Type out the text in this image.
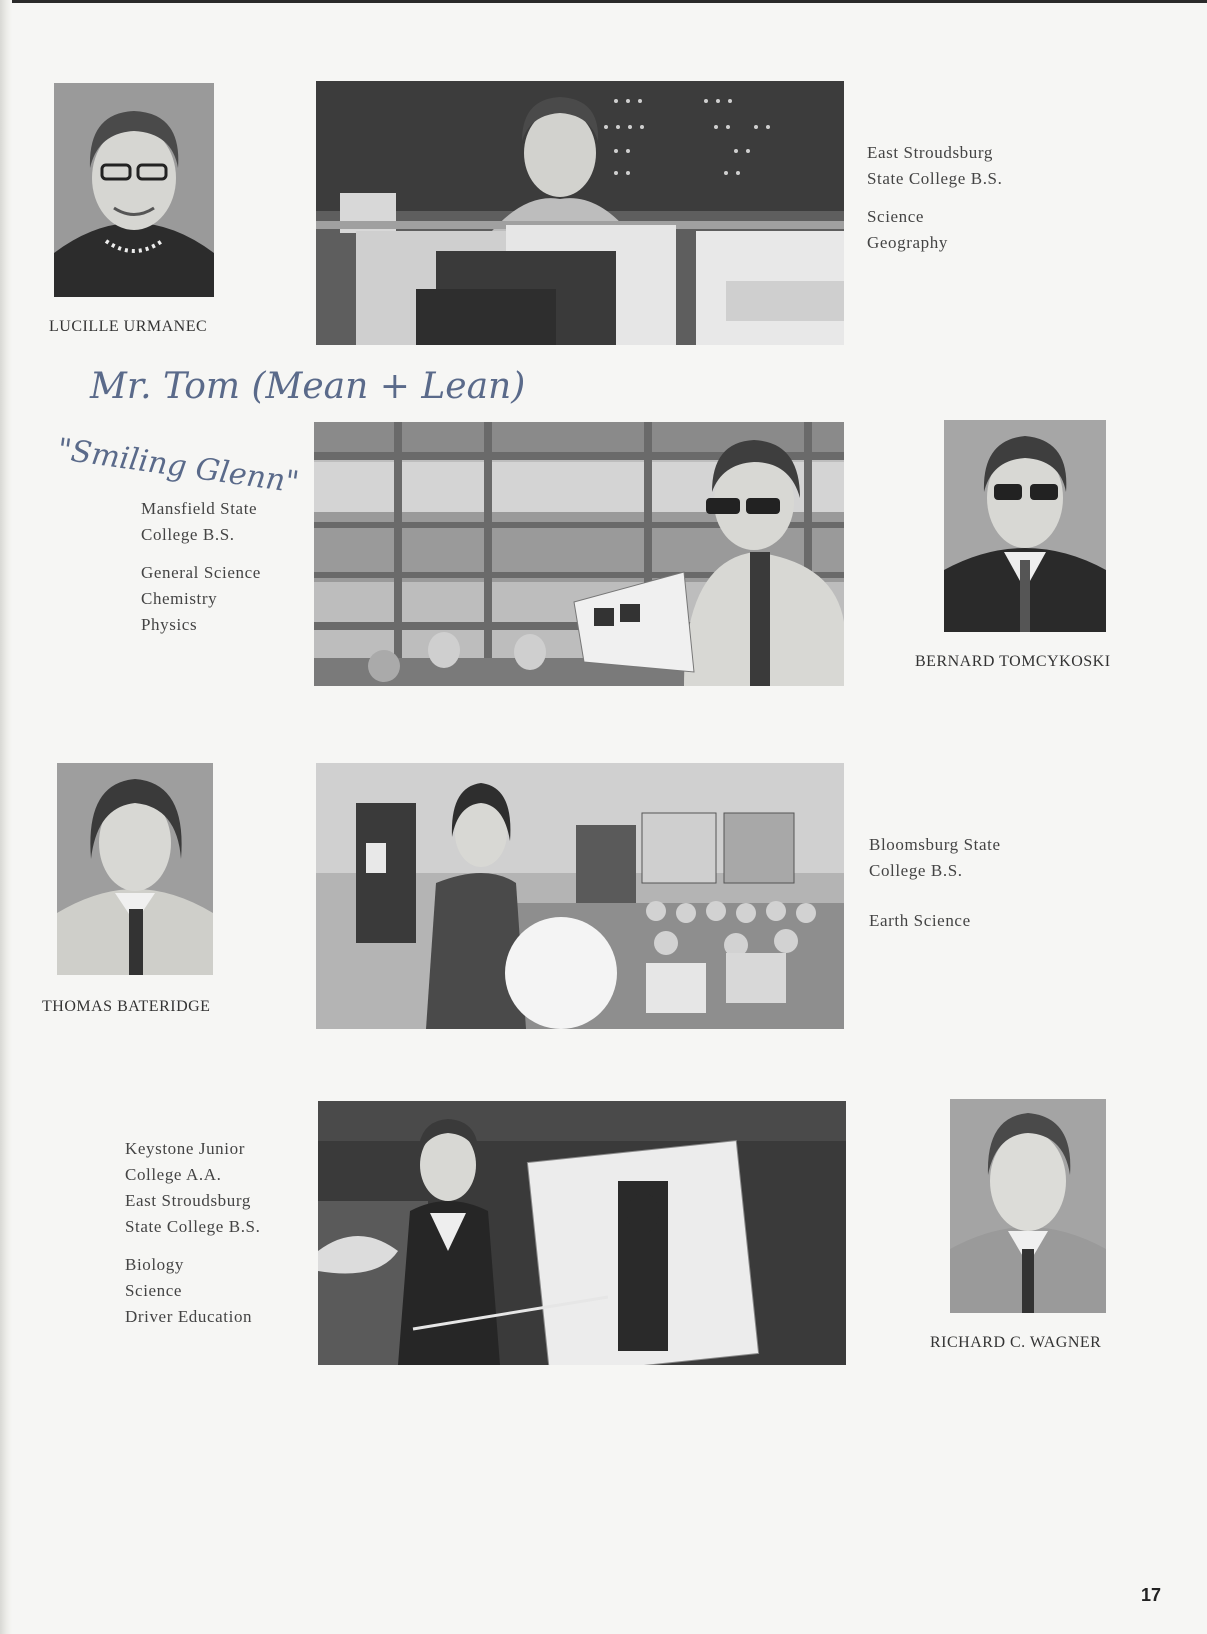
LUCILLE URMANEC
East Stroudsburg
State College B.S.
Science
Geography
Mr. Tom (Mean + Lean)
"Smiling Glenn"
Mansfield State
College B.S.
General Science
Chemistry
Physics
BERNARD TOMCYKOSKI
THOMAS BATERIDGE
Bloomsburg State
College B.S.
Earth Science
Keystone Junior
College A.A.
East Stroudsburg
State College B.S.
Biology
Science
Driver Education
RICHARD C. WAGNER
17
